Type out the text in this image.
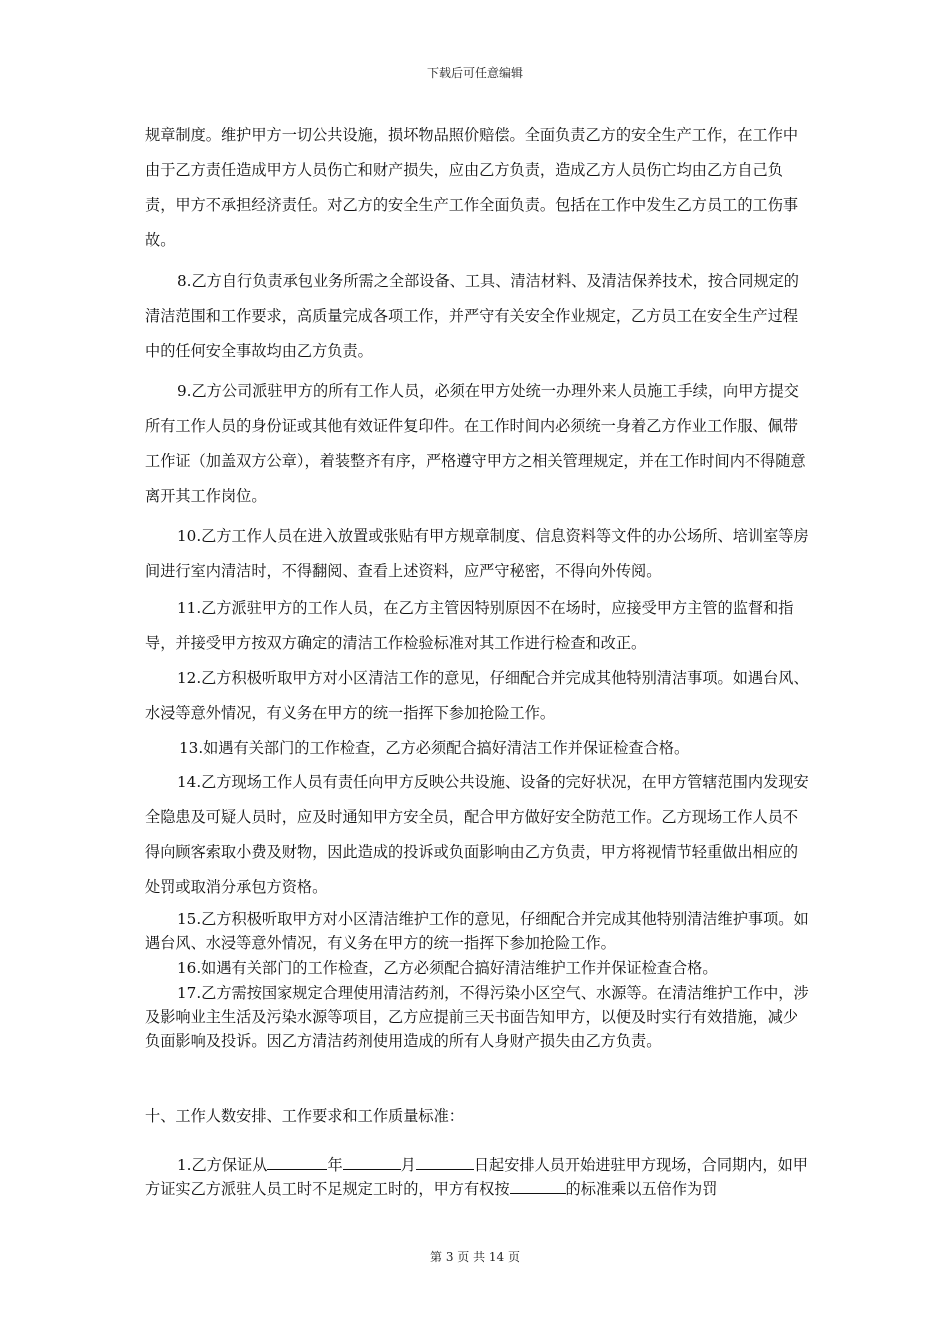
下载后可任意编辑

规章制度。维护甲方一切公共设施，损坏物品照价赔偿。全面负责乙方的安全生产工作，在工作中由于乙方责任造成甲方人员伤亡和财产损失，应由乙方负责，造成乙方人员伤亡均由乙方自己负责，甲方不承担经济责任。对乙方的安全生产工作全面负责。包括在工作中发生乙方员工的工伤事故。

8.乙方自行负责承包业务所需之全部设备、工具、清洁材料、及清洁保养技术，按合同规定的清洁范围和工作要求，高质量完成各项工作，并严守有关安全作业规定，乙方员工在安全生产过程中的任何安全事故均由乙方负责。

9.乙方公司派驻甲方的所有工作人员，必须在甲方处统一办理外来人员施工手续，向甲方提交所有工作人员的身份证或其他有效证件复印件。在工作时间内必须统一身着乙方作业工作服、佩带工作证（加盖双方公章），着装整齐有序，严格遵守甲方之相关管理规定，并在工作时间内不得随意离开其工作岗位。

10.乙方工作人员在进入放置或张贴有甲方规章制度、信息资料等文件的办公场所、培训室等房间进行室内清洁时，不得翻阅、查看上述资料，应严守秘密，不得向外传阅。

11.乙方派驻甲方的工作人员，在乙方主管因特别原因不在场时，应接受甲方主管的监督和指导，并接受甲方按双方确定的清洁工作检验标准对其工作进行检查和改正。

12.乙方积极听取甲方对小区清洁工作的意见，仔细配合并完成其他特别清洁事项。如遇台风、水浸等意外情况，有义务在甲方的统一指挥下参加抢险工作。

13.如遇有关部门的工作检查，乙方必须配合搞好清洁工作并保证检查合格。

14.乙方现场工作人员有责任向甲方反映公共设施、设备的完好状况，在甲方管辖范围内发现安全隐患及可疑人员时，应及时通知甲方安全员，配合甲方做好安全防范工作。乙方现场工作人员不得向顾客索取小费及财物，因此造成的投诉或负面影响由乙方负责，甲方将视情节轻重做出相应的处罚或取消分承包方资格。

15.乙方积极听取甲方对小区清洁维护工作的意见，仔细配合并完成其他特别清洁维护事项。如遇台风、水浸等意外情况，有义务在甲方的统一指挥下参加抢险工作。

16.如遇有关部门的工作检查，乙方必须配合搞好清洁维护工作并保证检查合格。

17.乙方需按国家规定合理使用清洁药剂，不得污染小区空气、水源等。在清洁维护工作中，涉及影响业主生活及污染水源等项目，乙方应提前三天书面告知甲方，以便及时实行有效措施，减少负面影响及投诉。因乙方清洁药剂使用造成的所有人身财产损失由乙方负责。

十、工作人数安排、工作要求和工作质量标准：

1.乙方保证从	年	月	日起安排人员开始进驻甲方现场，合同期内，如甲方证实乙方派驻人员工时不足规定工时的，甲方有权按	的标准乘以五倍作为罚

第 3 页 共 14 页
